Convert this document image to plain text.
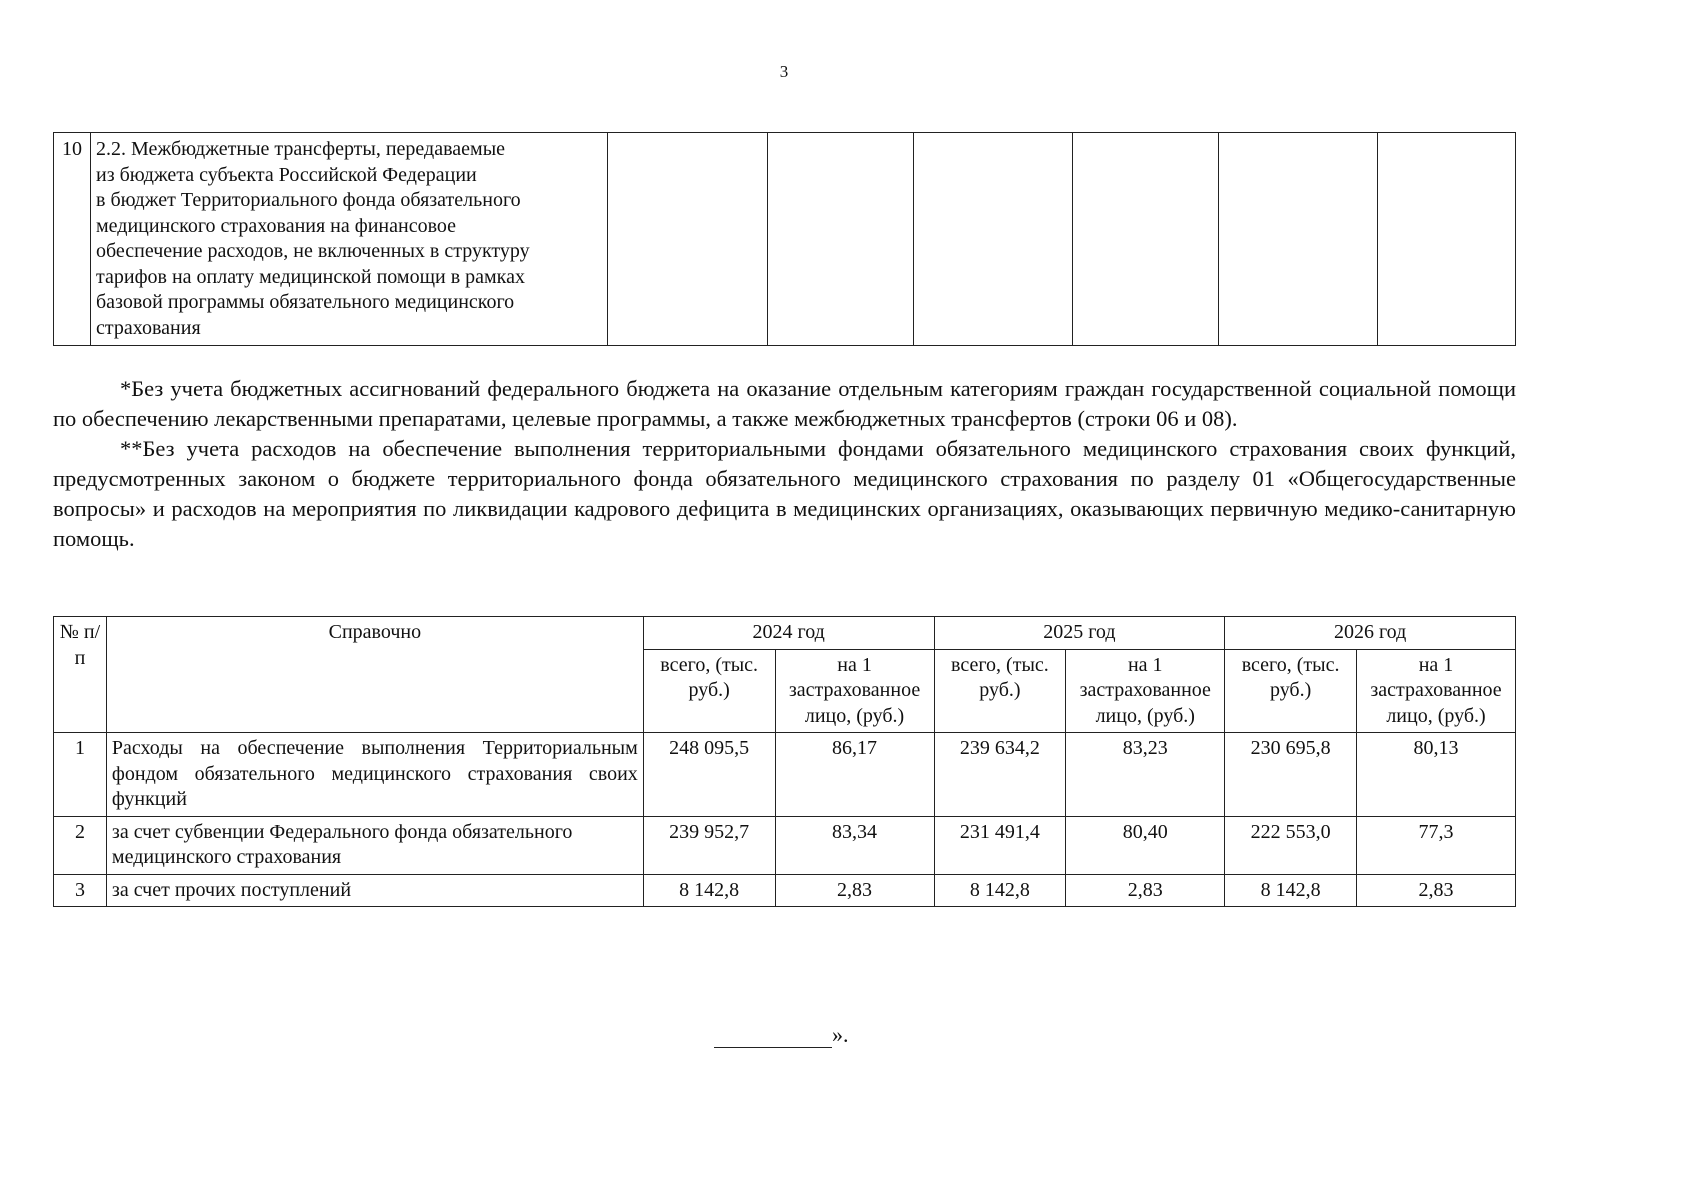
3
10	2.2. Межбюджетные трансферты, передаваемые
из бюджета субъекта Российской Федерации
в бюджет Территориального фонда обязательного
медицинского страхования на финансовое
обеспечение расходов, не включенных в структуру
тарифов на оплату медицинской помощи в рамках
базовой программы обязательного медицинского
страхования

*Без учета бюджетных ассигнований федерального бюджета на оказание отдельным категориям граждан государственной социальной помощи по обеспечению лекарственными препаратами, целевые программы, а также межбюджетных трансфертов (строки 06 и 08).

**Без учета расходов на обеспечение выполнения территориальными фондами обязательного медицинского страхования своих функций, предусмотренных законом о бюджете территориального фонда обязательного медицинского страхования по разделу 01 «Общегосударственные вопросы» и расходов на мероприятия по ликвидации кадрового дефицита в медицинских организациях, оказывающих первичную медико-санитарную помощь.

№ п/п	Справочно	2024 год		2025 год		2026 год	
		всего, (тыс. руб.)	на 1 застрахованное лицо, (руб.)	всего, (тыс. руб.)	на 1 застрахованное лицо, (руб.)	всего, (тыс. руб.)	на 1 застрахованное лицо, (руб.)
1	Расходы на обеспечение выполнения Территориальным фондом обязательного медицинского страхования своих функций	248 095,5	86,17	239 634,2	83,23	230 695,8	80,13
2	за счет субвенции Федерального фонда обязательного медицинского страхования	239 952,7	83,34	231 491,4	80,40	222 553,0	77,3
3	за счет прочих поступлений	8 142,8	2,83	8 142,8	2,83	8 142,8	2,83
».
